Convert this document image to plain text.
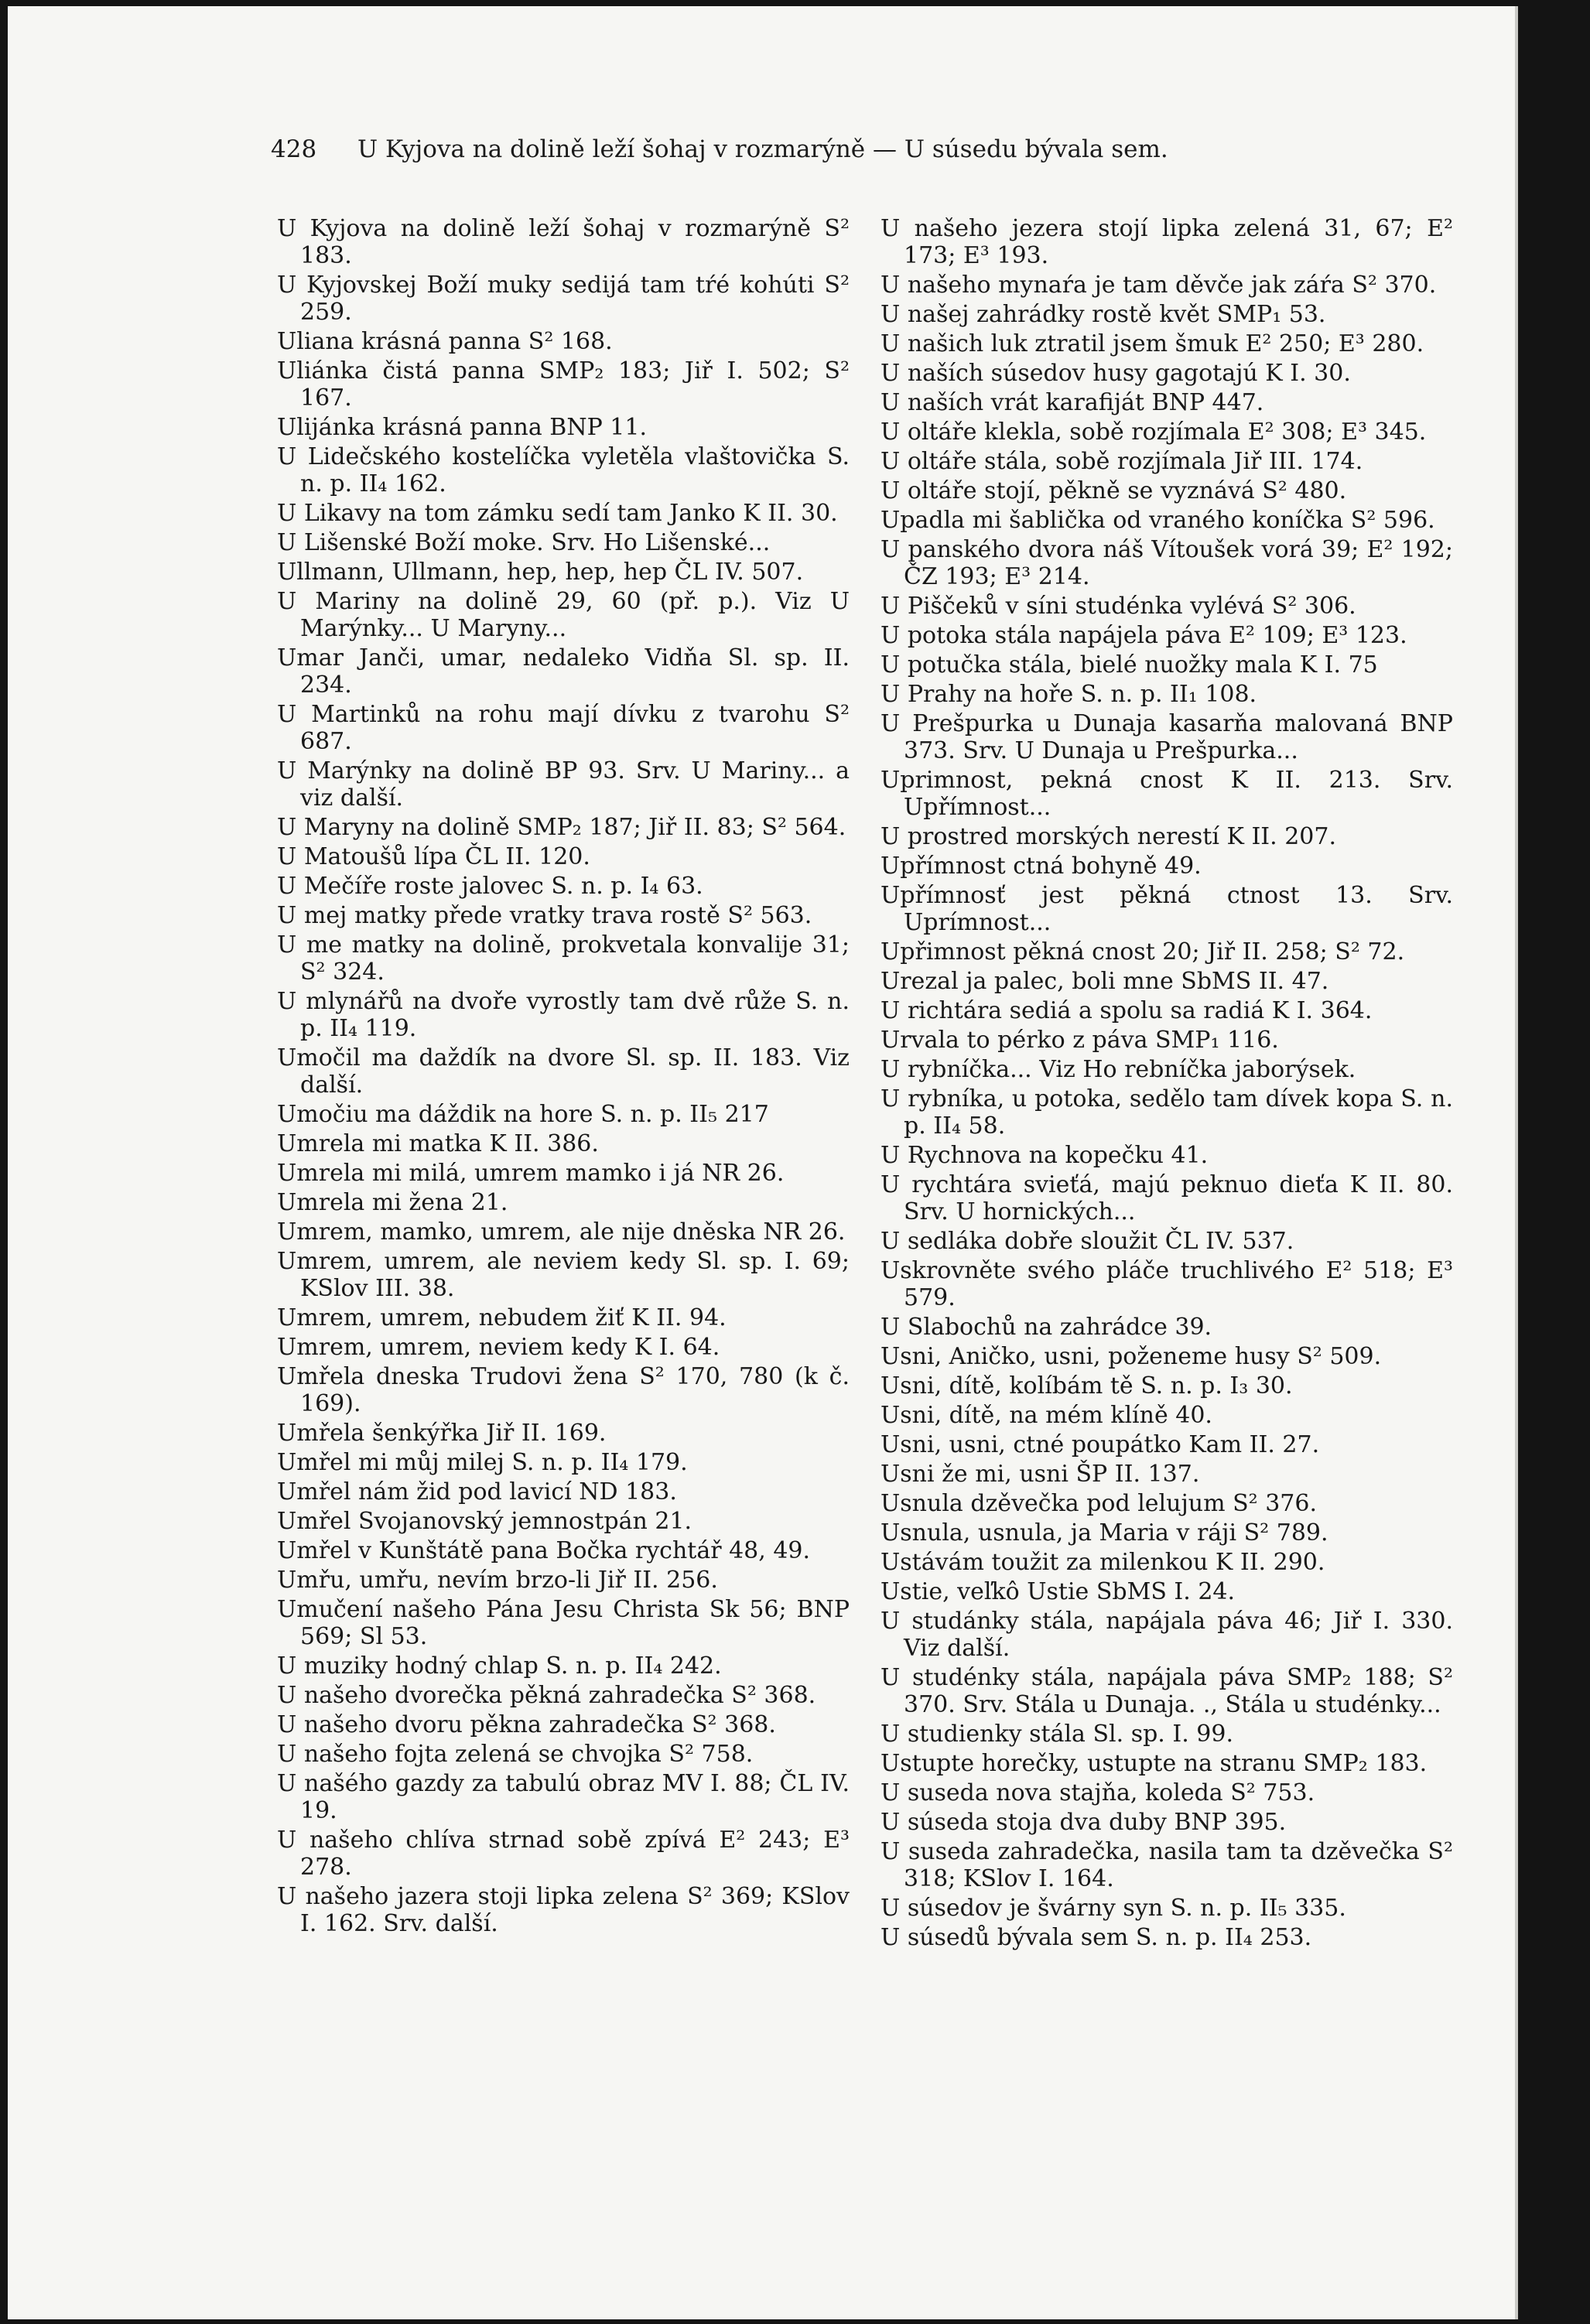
428 U Kyjova na dolině leží šohaj v rozmarýně — U súsedu bývala sem.

U Kyjova na dolině leží šohaj v rozmarýně S² 183.

U Kyjovskej Boží muky sedijá tam tŕé kohúti S² 259.

Uliana krásná panna S² 168.

Uliánka čistá panna SMP₂ 183; Jiř I. 502; S² 167.

Ulijánka krásná panna BNP 11.

U Lidečského kostelíčka vyletěla vlaštovička S. n. p. II₄ 162.

U Likavy na tom zámku sedí tam Janko K II. 30.

U Lišenské Boží moke. Srv. Ho Lišenské...

Ullmann, Ullmann, hep, hep, hep ČL IV. 507.

U Mariny na dolině 29, 60 (př. p.). Viz U Marýnky... U Maryny...

Umar Janči, umar, nedaleko Vidňa Sl. sp. II. 234.

U Martinků na rohu mají dívku z tvarohu S² 687.

U Marýnky na dolině BP 93. Srv. U Mariny... a viz další.

U Maryny na dolině SMP₂ 187; Jiř II. 83; S² 564.

U Matoušů lípa ČL II. 120.

U Mečíře roste jalovec S. n. p. I₄ 63.

U mej matky přede vratky trava rostě S² 563.

U me matky na dolině, prokvetala konvalije 31; S² 324.

U mlynářů na dvoře vyrostly tam dvě růže S. n. p. II₄ 119.

Umočil ma daždík na dvore Sl. sp. II. 183. Viz další.

Umočiu ma dáždik na hore S. n. p. II₅ 217

Umrela mi matka K II. 386.

Umrela mi milá, umrem mamko i já NR 26.

Umrela mi žena 21.

Umrem, mamko, umrem, ale nije dněska NR 26.

Umrem, umrem, ale neviem kedy Sl. sp. I. 69; KSlov III. 38.

Umrem, umrem, nebudem žiť K II. 94.

Umrem, umrem, neviem kedy K I. 64.

Umřela dneska Trudovi žena S² 170, 780 (k č. 169).

Umřela šenkýřka Jiř II. 169.

Umřel mi můj milej S. n. p. II₄ 179.

Umřel nám žid pod lavicí ND 183.

Umřel Svojanovský jemnostpán 21.

Umřel v Kunštátě pana Bočka rychtář 48, 49.

Umřu, umřu, nevím brzo-li Jiř II. 256.

Umučení našeho Pána Jesu Christa Sk 56; BNP 569; Sl 53.

U muziky hodný chlap S. n. p. II₄ 242.

U našeho dvorečka pěkná zahradečka S² 368.

U našeho dvoru pěkna zahradečka S² 368.

U našeho fojta zelená se chvojka S² 758.

U našého gazdy za tabulú obraz MV I. 88; ČL IV. 19.

U našeho chlíva strnad sobě zpívá E² 243; E³ 278.

U našeho jazera stoji lipka zelena S² 369; KSlov I. 162. Srv. další.

U našeho jezera stojí lipka zelená 31, 67; E² 173; E³ 193.

U našeho mynaŕa je tam děvče jak záŕa S² 370.

U našej zahrádky rostě květ SMP₁ 53.

U našich luk ztratil jsem šmuk E² 250; E³ 280.

U naších súsedov husy gagotajú K I. 30.

U naších vrát karafiját BNP 447.

U oltáře klekla, sobě rozjímala E² 308; E³ 345.

U oltáře stála, sobě rozjímala Jiř III. 174.

U oltáře stojí, pěkně se vyznává S² 480.

Upadla mi šablička od vraného koníčka S² 596.

U panského dvora náš Vítoušek vorá 39; E² 192; ČZ 193; E³ 214.

U Piščeků v síni studénka vylévá S² 306.

U potoka stála napájela páva E² 109; E³ 123.

U potučka stála, bielé nuožky mala K I. 75

U Prahy na hoře S. n. p. II₁ 108.

U Prešpurka u Dunaja kasarňa malovaná BNP 373. Srv. U Dunaja u Prešpurka...

Uprimnost, pekná cnost K II. 213. Srv. Upřímnost...

U prostred morských nerestí K II. 207.

Upřímnost ctná bohyně 49.

Upřímnosť jest pěkná ctnost 13. Srv. Uprímnost...

Upřimnost pěkná cnost 20; Jiř II. 258; S² 72.

Urezal ja palec, boli mne SbMS II. 47.

U richtára sediá a spolu sa radiá K I. 364.

Urvala to pérko z páva SMP₁ 116.

U rybníčka... Viz Ho rebníčka jaborýsek.

U rybníka, u potoka, sedělo tam dívek kopa S. n. p. II₄ 58.

U Rychnova na kopečku 41.

U rychtára svieťá, majú peknuo dieťa K II. 80. Srv. U hornických...

U sedláka dobře sloužit ČL IV. 537.

Uskrovněte svého pláče truchlivého E² 518; E³ 579.

U Slabochů na zahrádce 39.

Usni, Aničko, usni, poženeme husy S² 509.

Usni, dítě, kolíbám tě S. n. p. I₃ 30.

Usni, dítě, na mém klíně 40.

Usni, usni, ctné poupátko Kam II. 27.

Usni že mi, usni ŠP II. 137.

Usnula dzěvečka pod lelujum S² 376.

Usnula, usnula, ja Maria v ráji S² 789.

Ustávám toužit za milenkou K II. 290.

Ustie, veľkô Ustie SbMS I. 24.

U studánky stála, napájala páva 46; Jiř I. 330. Viz další.

U studénky stála, napájala páva SMP₂ 188; S² 370. Srv. Stála u Dunaja. ., Stála u studénky...

U studienky stála Sl. sp. I. 99.

Ustupte horečky, ustupte na stranu SMP₂ 183.

U suseda nova stajňa, koleda S² 753.

U súseda stoja dva duby BNP 395.

U suseda zahradečka, nasila tam ta dzěvečka S² 318; KSlov I. 164.

U súsedov je švárny syn S. n. p. II₅ 335.

U súsedů bývala sem S. n. p. II₄ 253.
